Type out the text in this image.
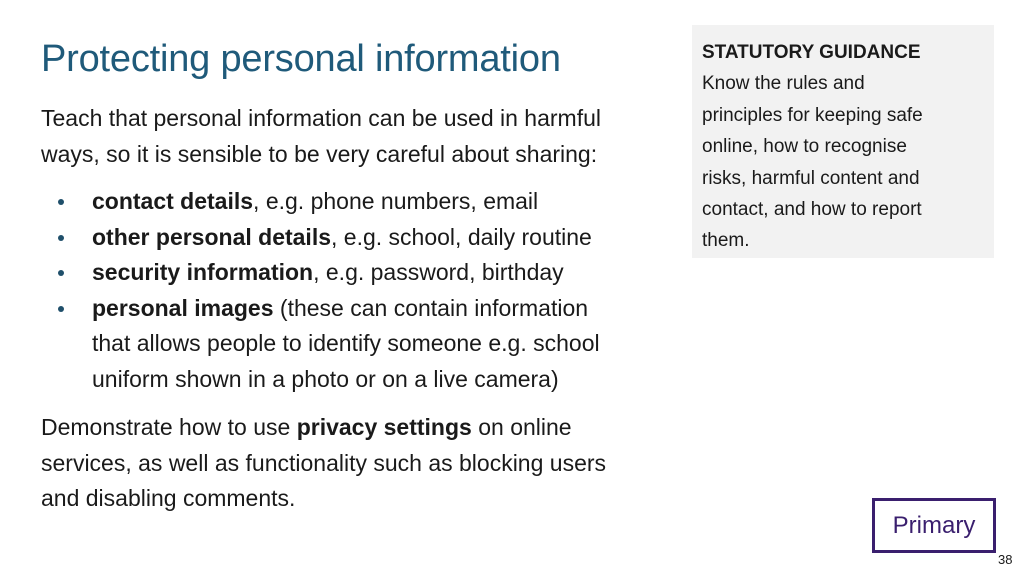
Protecting personal information

Teach that personal information can be used in harmful
ways, so it is sensible to be very careful about sharing:

contact details, e.g. phone numbers, email
other personal details, e.g. school, daily routine
security information, e.g. password, birthday
personal images (these can contain information
that allows people to identify someone e.g. school
uniform shown in a photo or on a live camera)

Demonstrate how to use privacy settings on online
services, as well as functionality such as blocking users
and disabling comments.

STATUTORY GUIDANCE
Know the rules and
principles for keeping safe
online, how to recognise
risks, harmful content and
contact, and how to report
them.
Primary
38
